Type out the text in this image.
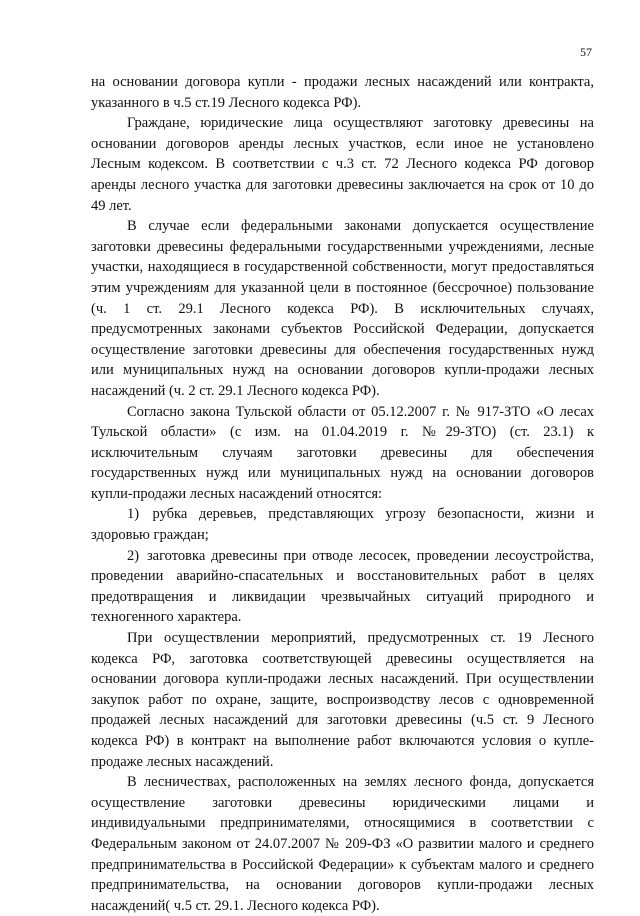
57

на основании договора купли - продажи лесных насаждений или контракта, указанного в ч.5 ст.19 Лесного кодекса РФ).

Граждане, юридические лица осуществляют заготовку древесины на основании договоров аренды лесных участков, если иное не установлено Лесным кодексом. В соответствии с ч.3 ст. 72 Лесного кодекса РФ договор аренды лесного участка для заготовки древесины заключается на срок от 10 до 49 лет.

В случае если федеральными законами допускается осуществление заготовки древесины федеральными государственными учреждениями, лесные участки, находящиеся в государственной собственности, могут предоставляться этим учреждениям для указанной цели в постоянное (бессрочное) пользование (ч. 1 ст. 29.1 Лесного кодекса РФ). В исключительных случаях, предусмотренных законами субъектов Российской Федерации, допускается осуществление заготовки древесины для обеспечения государственных нужд или муниципальных нужд на основании договоров купли-продажи лесных насаждений (ч. 2 ст. 29.1 Лесного кодекса РФ).

Согласно закона Тульской области от 05.12.2007 г. № 917-ЗТО «О лесах Тульской области» (с изм. на 01.04.2019 г. №29-ЗТО) (ст. 23.1) к исключительным случаям заготовки древесины для обеспечения государственных нужд или муниципальных нужд на основании договоров купли-продажи лесных насаждений относятся:

1) рубка деревьев, представляющих угрозу безопасности, жизни и здоровью граждан;

2) заготовка древесины при отводе лесосек, проведении лесоустройства, проведении аварийно-спасательных и восстановительных работ в целях предотвращения и ликвидации чрезвычайных ситуаций природного и техногенного характера.

При осуществлении мероприятий, предусмотренных ст. 19 Лесного кодекса РФ, заготовка соответствующей древесины осуществляется на основании договора купли-продажи лесных насаждений. При осуществлении закупок работ по охране, защите, воспроизводству лесов с одновременной продажей лесных насаждений для заготовки древесины (ч.5 ст. 9 Лесного кодекса РФ) в контракт на выполнение работ включаются условия о купле-продаже лесных насаждений.

В лесничествах, расположенных на землях лесного фонда, допускается осуществление заготовки древесины юридическими лицами и индивидуальными предпринимателями, относящимися в соответствии с Федеральным законом от 24.07.2007 № 209-ФЗ «О развитии малого и среднего предпринимательства в Российской Федерации» к субъектам малого и среднего предпринимательства, на основании договоров купли-продажи лесных насаждений( ч.5 ст. 29.1. Лесного кодекса РФ).
